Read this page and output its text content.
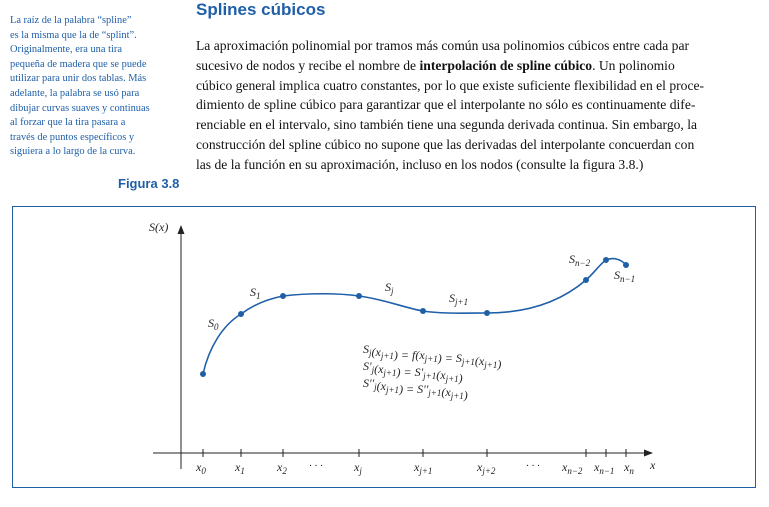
La raíz de la palabra “spline”
es la misma que la de “splint”.
Originalmente, era una tira
pequeña de madera que se puede
utilizar para unir dos tablas. Más
adelante, la palabra se usó para
dibujar curvas suaves y continuas
al forzar que la tira pasara a
través de puntos específicos y
siguiera a lo largo de la curva.
Splines cúbicos
La aproximación polinomial por tramos más común usa polinomios cúbicos entre cada par
sucesivo de nodos y recibe el nombre de interpolación de spline cúbico. Un polinomio
cúbico general implica cuatro constantes, por lo que existe suficiente flexibilidad en el proce-
dimiento de spline cúbico para garantizar que el interpolante no sólo es continuamente dife-
renciable en el intervalo, sino también tiene una segunda derivada continua. Sin embargo, la
construcción del spline cúbico no supone que las derivadas del interpolante concuerdan con
las de la función en su aproximación, incluso en los nodos (consulte la figura 3.8.)
Figura 3.8
S(x)
x
$x_0$ $x_1$	$x_2$ · · ·	$x_j$	$x_{j+1}$	$x_{j+2}$	· · · $x_{n-2}$ $x_{n-1}$ $x_n$
$S_0$
$S_1$
$S_j$	$S_{j+1}$
$S_{n-2}$
$S_{n-1}$
$S_j(x_{j+1}) = f(x_{j+1}) = S_{j+1}(x_{j+1})$
$S'_j(x_{j+1}) = S'_{j+1}(x_{j+1})$
$S''_j(x_{j+1}) = S''_{j+1}(x_{j+1})$
